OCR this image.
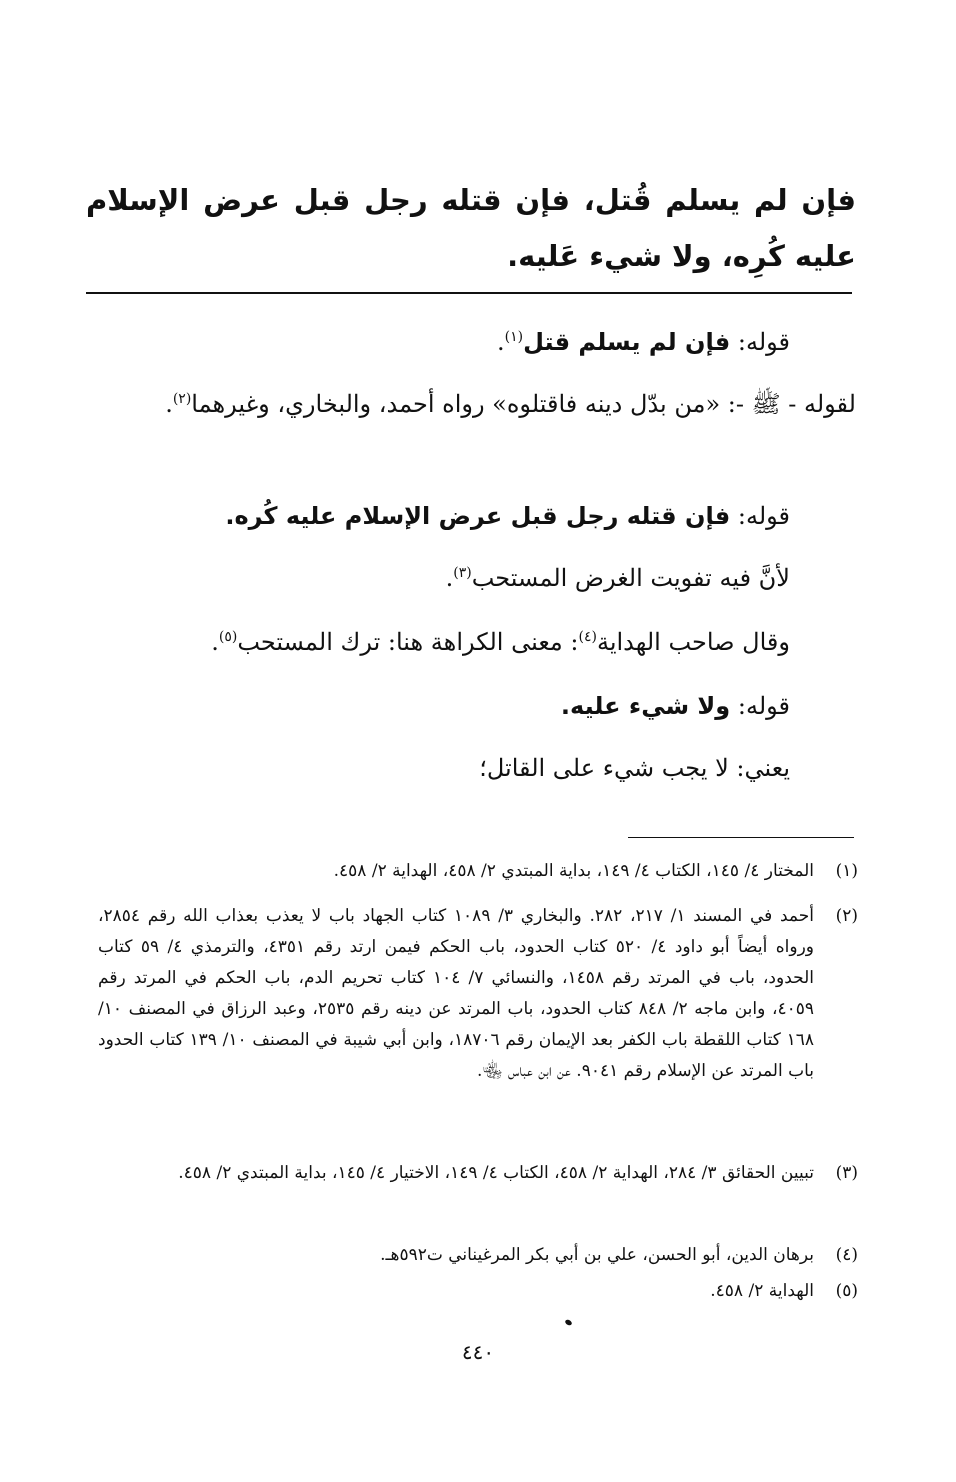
فإن لم يسلم قُتل، فإن قتله رجل قبل عرض الإسلام عليه كُرِه، ولا شيء عَليه.
قوله: فإن لم يسلم قتل$^{(١)}$.
لقوله - ﷺ -: «من بدّل دينه فاقتلوه» رواه أحمد، والبخاري، وغيرهما$^{(٢)}$.
قوله: فإن قتله رجل قبل عرض الإسلام عليه كُره.
لأنَّ فيه تفويت الغرض المستحب$^{(٣)}$.
وقال صاحب الهداية$^{(٤)}$: معنى الكراهة هنا: ترك المستحب$^{(٥)}$.
قوله: ولا شيء عليه.
يعني: لا يجب شيء على القاتل؛
(١)
المختار ٤/ ١٤٥، الكتاب ٤/ ١٤٩، بداية المبتدي ٢/ ٤٥٨، الهداية ٢/ ٤٥٨.
(٢)
أحمد في المسند ١/ ٢١٧، ٢٨٢. والبخاري ٣/ ١٠٨٩ كتاب الجهاد باب لا يعذب بعذاب الله رقم ٢٨٥٤، ورواه أيضاً أبو داود ٤/ ٥٢٠ كتاب الحدود، باب الحكم فيمن ارتد رقم ٤٣٥١، والترمذي ٤/ ٥٩ كتاب الحدود، باب في المرتد رقم ١٤٥٨، والنسائي ٧/ ١٠٤ كتاب تحريم الدم، باب الحكم في المرتد رقم ٤٠٥٩، وابن ماجه ٢/ ٨٤٨ كتاب الحدود، باب المرتد عن دينه رقم ٢٥٣٥، وعبد الرزاق في المصنف ١٠/ ١٦٨ كتاب اللقطة باب الكفر بعد الإيمان رقم ١٨٧٠٦، وابن أبي شيبة في المصنف ١٠/ ١٣٩ كتاب الحدود باب المرتد عن الإسلام رقم ٩٠٤١. عن ابن عباس ﵄.
(٣)
تبيين الحقائق ٣/ ٢٨٤، الهداية ٢/ ٤٥٨، الكتاب ٤/ ١٤٩، الاختيار ٤/ ١٤٥، بداية المبتدي ٢/ ٤٥٨.
(٤)
برهان الدين، أبو الحسن، علي بن أبي بكر المرغيناني ت٥٩٢هـ.
(٥)
الهداية ٢/ ٤٥٨.
٤٤٠
